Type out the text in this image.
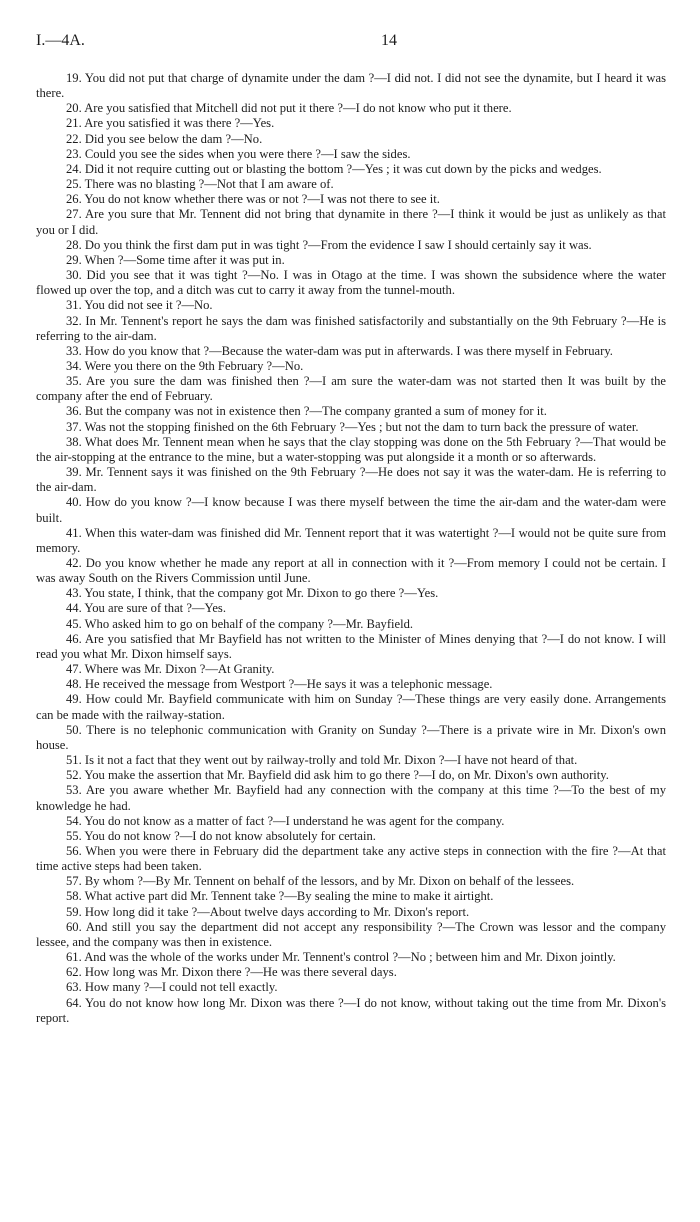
I.—4A.	14

19. You did not put that charge of dynamite under the dam ?—I did not. I did not see the dynamite, but I heard it was there.

20. Are you satisfied that Mitchell did not put it there ?—I do not know who put it there.

21. Are you satisfied it was there ?—Yes.

22. Did you see below the dam ?—No.

23. Could you see the sides when you were there ?—I saw the sides.

24. Did it not require cutting out or blasting the bottom ?—Yes ; it was cut down by the picks and wedges.

25. There was no blasting ?—Not that I am aware of.

26. You do not know whether there was or not ?—I was not there to see it.

27. Are you sure that Mr. Tennent did not bring that dynamite in there ?—I think it would be just as unlikely as that you or I did.

28. Do you think the first dam put in was tight ?—From the evidence I saw I should certainly say it was.

29. When ?—Some time after it was put in.

30. Did you see that it was tight ?—No. I was in Otago at the time. I was shown the subsidence where the water flowed up over the top, and a ditch was cut to carry it away from the tunnel-mouth.

31. You did not see it ?—No.

32. In Mr. Tennent's report he says the dam was finished satisfactorily and substantially on the 9th February ?—He is referring to the air-dam.

33. How do you know that ?—Because the water-dam was put in afterwards. I was there myself in February.

34. Were you there on the 9th February ?—No.

35. Are you sure the dam was finished then ?—I am sure the water-dam was not started then It was built by the company after the end of February.

36. But the company was not in existence then ?—The company granted a sum of money for it.

37. Was not the stopping finished on the 6th February ?—Yes ; but not the dam to turn back the pressure of water.

38. What does Mr. Tennent mean when he says that the clay stopping was done on the 5th February ?—That would be the air-stopping at the entrance to the mine, but a water-stopping was put alongside it a month or so afterwards.

39. Mr. Tennent says it was finished on the 9th February ?—He does not say it was the water-dam. He is referring to the air-dam.

40. How do you know ?—I know because I was there myself between the time the air-dam and the water-dam were built.

41. When this water-dam was finished did Mr. Tennent report that it was watertight ?—I would not be quite sure from memory.

42. Do you know whether he made any report at all in connection with it ?—From memory I could not be certain. I was away South on the Rivers Commission until June.

43. You state, I think, that the company got Mr. Dixon to go there ?—Yes.

44. You are sure of that ?—Yes.

45. Who asked him to go on behalf of the company ?—Mr. Bayfield.

46. Are you satisfied that Mr Bayfield has not written to the Minister of Mines denying that ?—I do not know. I will read you what Mr. Dixon himself says.

47. Where was Mr. Dixon ?—At Granity.

48. He received the message from Westport ?—He says it was a telephonic message.

49. How could Mr. Bayfield communicate with him on Sunday ?—These things are very easily done. Arrangements can be made with the railway-station.

50. There is no telephonic communication with Granity on Sunday ?—There is a private wire in Mr. Dixon's own house.

51. Is it not a fact that they went out by railway-trolly and told Mr. Dixon ?—I have not heard of that.

52. You make the assertion that Mr. Bayfield did ask him to go there ?—I do, on Mr. Dixon's own authority.

53. Are you aware whether Mr. Bayfield had any connection with the company at this time ?—To the best of my knowledge he had.

54. You do not know as a matter of fact ?—I understand he was agent for the company.

55. You do not know ?—I do not know absolutely for certain.

56. When you were there in February did the department take any active steps in connection with the fire ?—At that time active steps had been taken.

57. By whom ?—By Mr. Tennent on behalf of the lessors, and by Mr. Dixon on behalf of the lessees.

58. What active part did Mr. Tennent take ?—By sealing the mine to make it airtight.

59. How long did it take ?—About twelve days according to Mr. Dixon's report.

60. And still you say the department did not accept any responsibility ?—The Crown was lessor and the company lessee, and the company was then in existence.

61. And was the whole of the works under Mr. Tennent's control ?—No ; between him and Mr. Dixon jointly.

62. How long was Mr. Dixon there ?—He was there several days.

63. How many ?—I could not tell exactly.

64. You do not know how long Mr. Dixon was there ?—I do not know, without taking out the time from Mr. Dixon's report.
